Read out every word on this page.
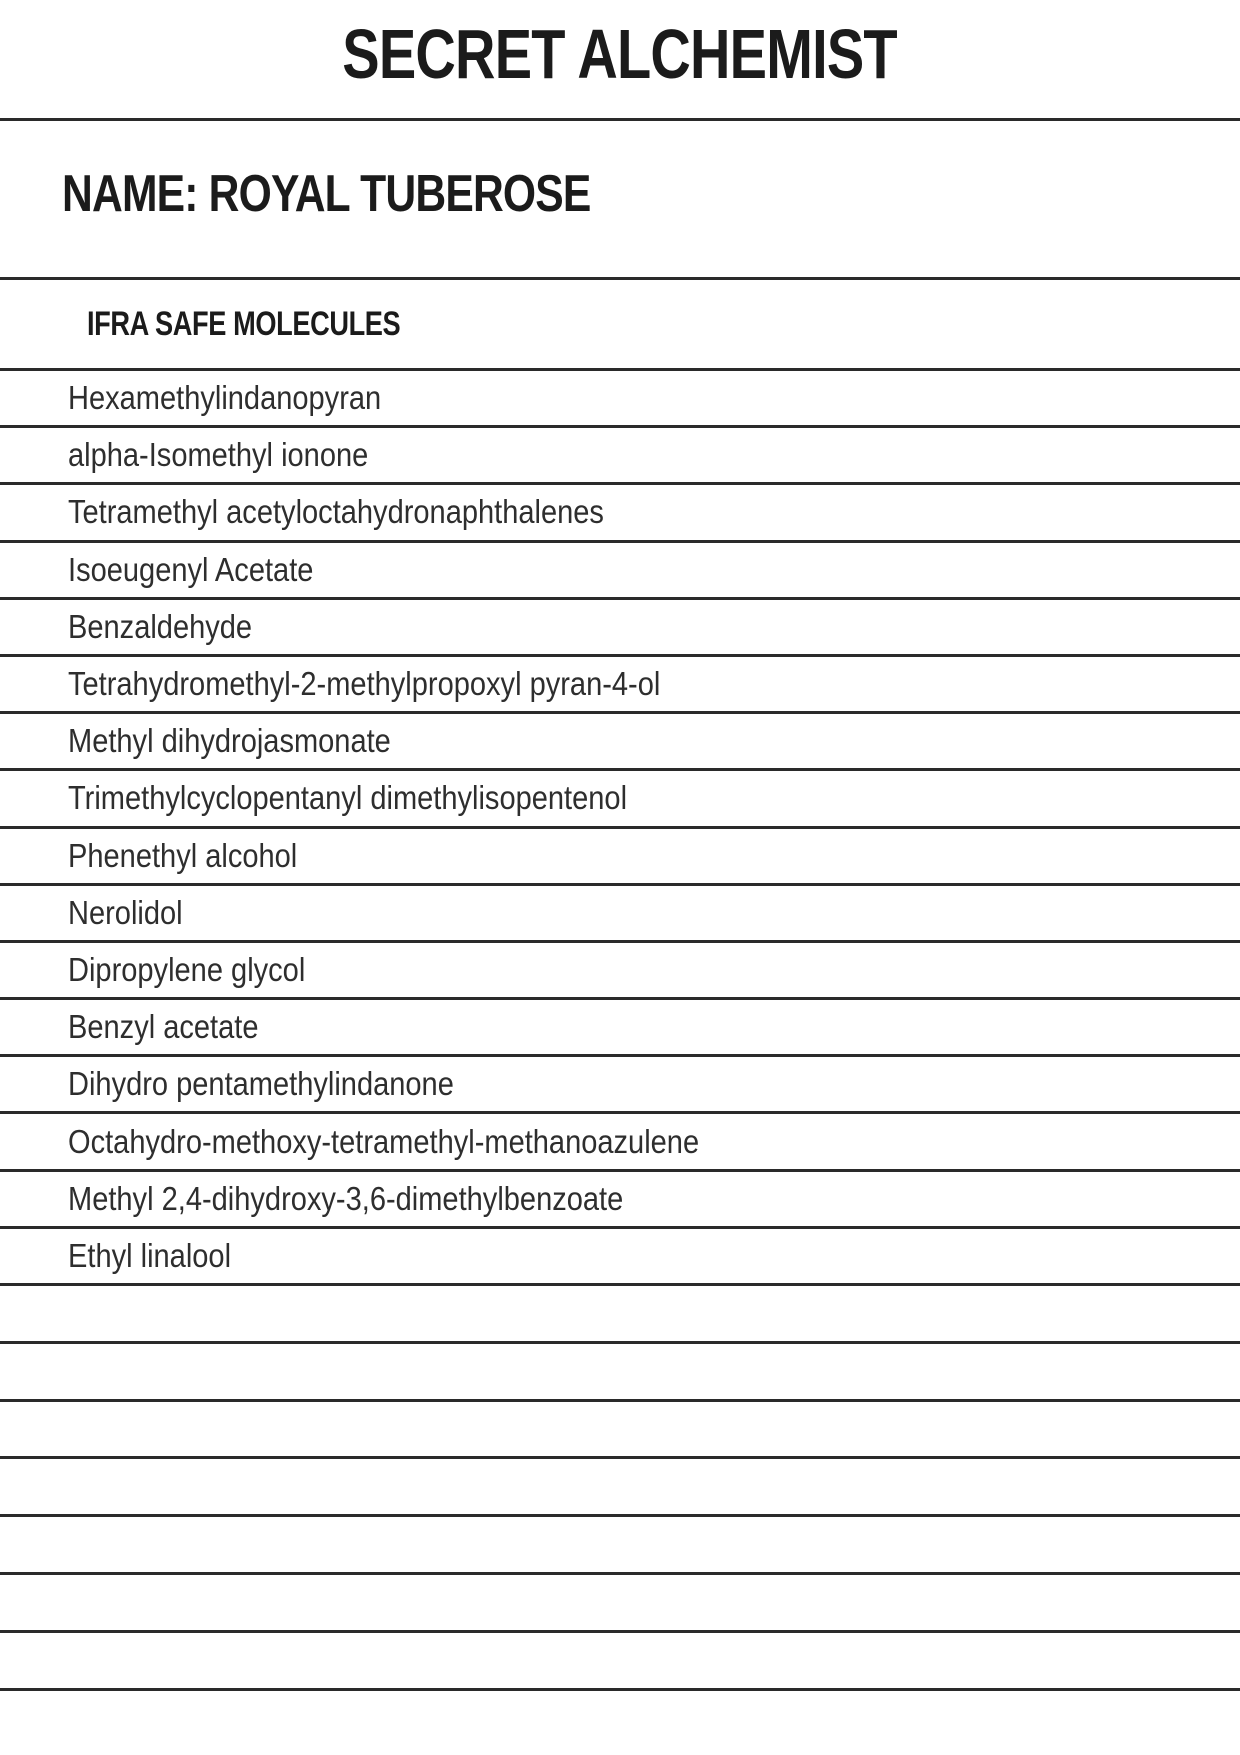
SECRET ALCHEMIST
NAME: ROYAL TUBEROSE
IFRA SAFE MOLECULES
Hexamethylindanopyran
alpha-Isomethyl ionone
Tetramethyl acetyloctahydronaphthalenes
Isoeugenyl Acetate
Benzaldehyde
Tetrahydromethyl-2-methylpropoxyl pyran-4-ol
Methyl dihydrojasmonate
Trimethylcyclopentanyl dimethylisopentenol
Phenethyl alcohol
Nerolidol
Dipropylene glycol
Benzyl acetate
Dihydro pentamethylindanone
Octahydro-methoxy-tetramethyl-methanoazulene
Methyl 2,4-dihydroxy-3,6-dimethylbenzoate
Ethyl linalool
